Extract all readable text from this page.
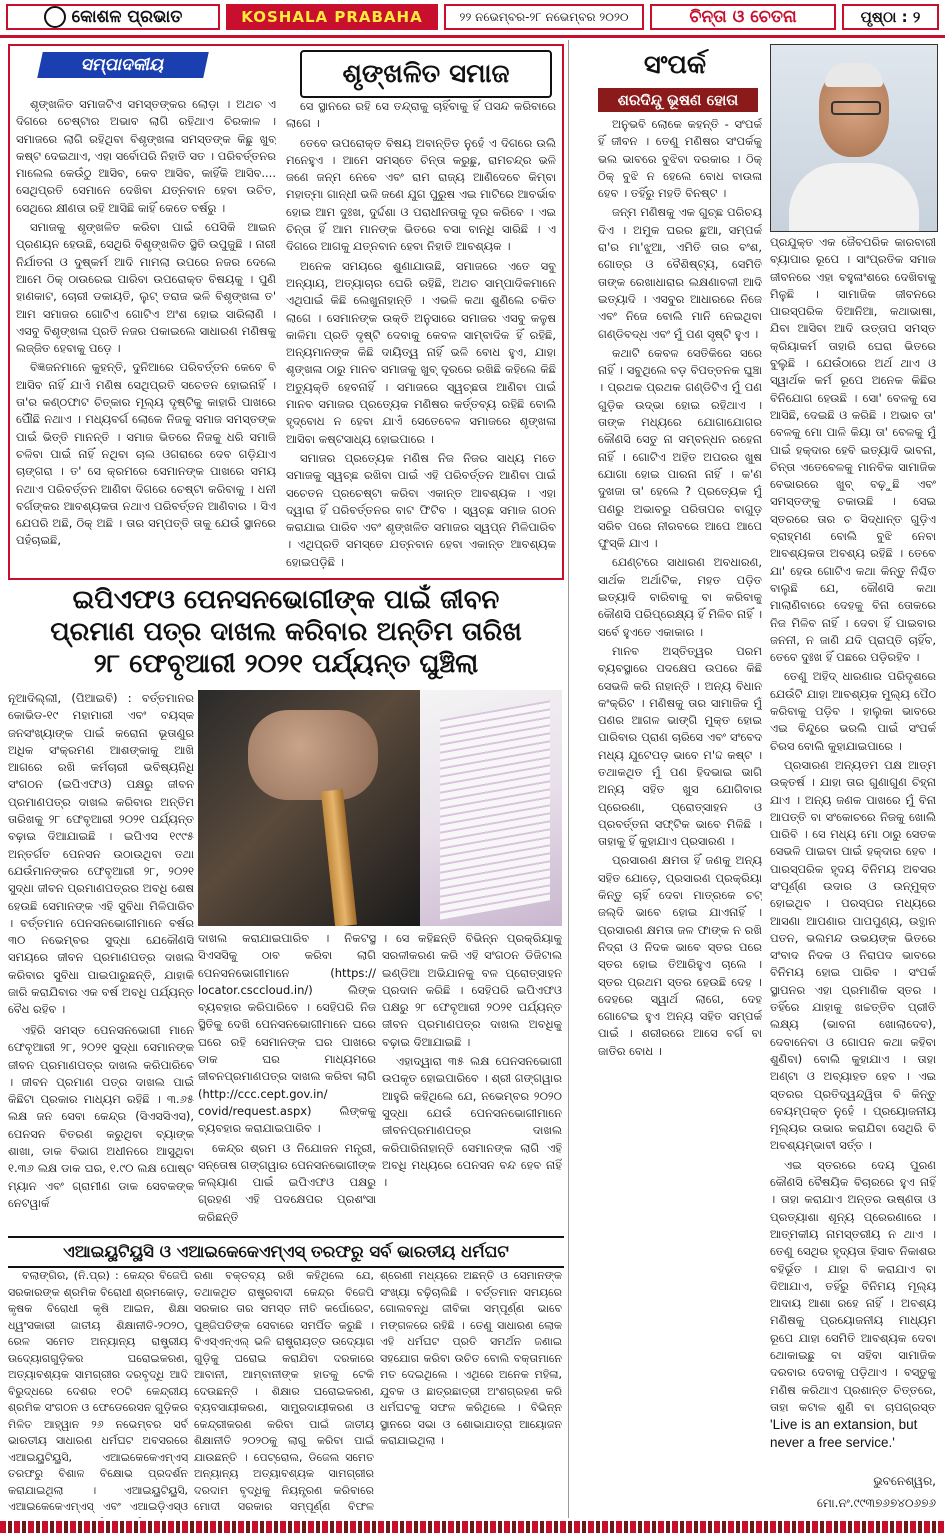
କୋଶଳ ପ୍ରଭାତ	KOSHALA PRABAHA	୨୨ ନଭେମ୍ବର-୨୮ ନଭେମ୍ବର ୨୦୨୦	ଚିନ୍ତା ଓ ଚେତନା	ପୃଷ୍ଠା : ୨
ସମ୍ପାଦକୀୟ	ଶୃଙ୍ଖଳିତ ସମାଜ

ଶୃଙ୍ଖଳିତ ସମାଜଟିଏ ସମସ୍ତଙ୍କର ଲୋଡ଼ା । ଅଥଚ ଏ ଦିଗରେ ଚେଷ୍ଟାର ଅଭାବ ଲାଗି ରହିଥାଏ ଚିରକାଳ । ସମାଜରେ ଲାଗି ରହିଥିବା ବିଶୃଙ୍ଖଳା ସମସ୍ତଙ୍କ କିଛୁ ଖୁବ୍ କଷ୍ଟ ଦେଇଥାଏ, ଏହା ସର୍ବୋପରି ନିହାତି ସତ । ପରିବର୍ତ୍ତନର ମାଲେଲ କେଉଁଠୁ ଆସିବ, କେବ ଆସିବ, କାହିଁକି ଆସିବ.... ସେଥିପ୍ରତି ସେମାନେ ଦେଖିବା ଯତ୍ନବାନ ହେବା ଉଚିତ, ସେଥିରେ କ୍ଷୀଣତା ରହି ଆସିଛି କାହିଁ କେତେ ବର୍ଷରୁ ।

ସମାଜକୁ ଶୃଙ୍ଖଳିତ କରିବା ପାଇଁ ପେସିକି ଆଇନ ପ୍ରଣୟନ ହେଉଛି, ସେଥିରି ବିଶୃଙ୍ଖଳିତ ସ୍ଥିତି ଉପୁଜୁଛି । ନାରୀ ନିର୍ଯାତନା ଓ ଦୁଷ୍କର୍ମ ଆଦି ମାମଲା ଉପରେ ନଜର ଦେଲେ ଆମେ ଠିକ୍ ଠାଉରେଇ ପାରିବା ଉପରୋକ୍ତ ବିଷୟକୁ । ପୁଣି ହାଣକାଟ, ଚୋରୀ ଡକାୟତି, ଲୁଟ୍ ତରାଜ ଭଳି ବିଶୃଙ୍ଖଳା ତ' ଆମ ସମାଜର ଗୋଟିଏ ଗୋଟିଏ ଅଂଶ ହୋଇ ସାରିଲାଣି । ଏସବୁ ବିଶୃଙ୍ଖଳା ପ୍ରତି ନଜର ପକାଇଲେ ସାଧାରଣ ମଣିଷକୁ ଲଜ୍ଜିତ ହେବାକୁ ପଡ଼େ ।

ବିଜ୍ଞଜନମାନେ କୁହନ୍ତି, ଦୁନିଆରେ ପରିବର୍ତ୍ତନ କେବେ ବି ଆସିବ ନାହିଁ ଯାଏଁ ମଣିଷ ସେଥିପ୍ରତି ସଚେତନ ହୋଇନାହିଁ । ତା'ର କଣ୍ଠଫାଟ ଚିତ୍କାର ମୂଲ୍ୟ ଦୃଷ୍ଟିକୁ କାହାରି ପାଖରେ ପୌଁଛି ନଥାଏ । ମଧ୍ୟବର୍ଗ ଲୋକେ ନିଜକୁ ସମାଜ ସମସ୍ତଙ୍କ ପାଇଁ ଭିତ୍ତି ମାନନ୍ତି । ସମାଜ ଭିତରେ ନିଜକୁ ଧରି ସମାଜି ଚଳିବା ପାଇଁ ନାହିଁ ନଥିବା ଚାଲ ଓଗରାରେ ଦେବ ଗଡ଼ିଯାଏ ଚାଙ୍ଗରା । ତ' ସେ କ୍ରମରେ ସେମାନଙ୍କ ପାଖରେ ସମୟ ନଥାଏ ପରିବର୍ତ୍ତନ ଆଣିବା ଦିଗରେ ଚେଷ୍ଟା କରିବାକୁ । ଧନୀ ବର୍ଗଙ୍କର ଆବଶ୍ୟକତା ନଥାଏ ପରିବର୍ତ୍ତନ ଆଣିବାର । ସିଏ ଯେପରି ଅଛି, ଠିକ୍ ଅଛି । ତାର ସମ୍ପତ୍ତି ତାକୁ ଯେଉଁ ସ୍ଥାନରେ ପହଁଚାଇଛି,

ସେ ସ୍ଥାନରେ ରହି ସେ ତନ୍ଦ୍ରାକୁ ଚାହିଁବାକୁ ହିଁ ପସନ୍ଦ କରିବାରେ ଲାଗେ ।

ତେବେ ଉପରୋକ୍ତ ବିଷୟ ଅବାନ୍ତିତ ନୁହେଁ ଏ ଦିଗରେ ଉଲି ମନେହୁଏ । ଆମେ ସମସ୍ତେ ଚିନ୍ତା କରୁଛୁ, ରାମଚନ୍ଦ୍ର ଭଳି ଜଣେ ଜନ୍ମ ନେବେ ଏବଂ ରାମ ରାଜ୍ୟ ଆଣିଦେବେ କିମ୍ବା ମହାତ୍ମା ଗାନ୍ଧୀ ଭଳି ଜଣେ ଯୁଗ ପୁରୁଷ ଏଇ ମାଟିରେ ଆବର୍ଭାବ ହୋଇ ଆମ ଦୁଃଖ, ଦୁର୍ଦ୍ଦଶା ଓ ପରାଧୀନତାକୁ ଦୂର କରିବେ । ଏଇ ଚିନ୍ତା ହିଁ ଆମ ମାନଙ୍କ ଭିତରେ ବସା ବାନ୍ଧି ସାରିଛି । ଏ ଦିଗରେ ଆଗକୁ ଯତ୍ନବାନ ହେବା ନିହାତି ଆବଶ୍ୟକ ।

ଅନେକ ସମୟରେ ଶୁଣାଯାଉଛି, ସମାଜରେ ଏତେ ସବୁ ଅନ୍ୟାୟ, ଅତ୍ୟାଚାର ଘେରି ରହିଛି, ଅଥଚ ସାମ୍ପାଦିକମାନେ ଏଥିପାଇଁ କିଛି ଲେଖୁନାହାନ୍ତି । ଏଭଳି କଥା ଶୁଣିଲେ ଚକିତ ଲାଗେ । ସେମାନଙ୍କ ଉକ୍ତି ଅନୁସାରେ ସମାଜର ଏସବୁ କଳୁଷ କାଳିମା ପ୍ରତି ଦୃଷ୍ଟି ଦେବାକୁ କେବଳ ସାମ୍ବାଦିକ ହିଁ ରହିଛି, ଅନ୍ୟମାନଙ୍କ କିଛି ଦାୟିତ୍ୱ ନାହିଁ ଭଳି ବୋଧ ହୁଏ, ଯାହା ଶୃଙ୍ଖଳା ଠାରୁ ମାନବ ସମାଜକୁ ଖୁବ୍ ଦୂରରେ ରଖିଛି କହିଲେ କିଛି ଅତ୍ୟୁକ୍ତି ହେବନାହିଁ । ସମାଜରେ ସ୍ୱଚ୍ଛତା ଆଣିବା ପାଇଁ ମାନବ ସମାଜର ପ୍ରତ୍ୟେକ ମଣିଷର କର୍ତ୍ତବ୍ୟ ରହିଛି ବୋଲି ହୃଦ୍‌ବୋଧ ନ ହେବା ଯାଏଁ ସେତେବେଳ ସମାଜରେ ଶୃଙ୍ଖଳା ଆସିବା କଷ୍ଟସାଧ୍ୟ ହୋଇପାରେ ।

ସମାଜର ପ୍ରତ୍ୟେକ ମଣିଷ ନିଜ ନିଜର ସାଧ୍ୟ ମତେ ସମାଜକୁ ସ୍ୱଚ୍ଛ ରଖିବା ପାଇଁ ଏହି ପରିବର୍ତ୍ତନ ଆଣିବା ପାଇଁ ସଚେତନ ପ୍ରଚେଷ୍ଟା କରିବା ଏକାନ୍ତ ଆବଶ୍ୟକ । ଏହା ଦ୍ୱାରା ହିଁ ପରିବର୍ତ୍ତନର ବାଟ ଫିଟିବ । ସ୍ୱଚ୍ଛ ସମାଜ ଗଠନ କରାଯାଇ ପାରିବ ଏବଂ ଶୃଙ୍ଖଳିତ ସମାଜର ସ୍ୱପ୍ନ ମିଳିପାରିବ । ଏଥିପ୍ରତି ସମସ୍ତେ ଯତ୍ନବାନ ହେବା ଏକାନ୍ତ ଆବଶ୍ୟକ ହୋଇପଡ଼ିଛି ।

ଇପିଏଫଓ ପେନସନଭୋଗୀଙ୍କ ପାଇଁ ଜୀବନ
ପ୍ରମାଣ ପତ୍ର ଦାଖଲ କରିବାର ଅନ୍ତିମ ତାରିଖ
୨୮ ଫେବୃଆରୀ ୨୦୨୧ ପର୍ଯ୍ୟନ୍ତ ଘୁଞ୍ଚିଲା

ନୂଆଦିଲ୍ଲୀ, (ପିଆଇବି) : ବର୍ତ୍ତମାନର କୋଭିଡ-୧୯ ମହାମାରୀ ଏବଂ ବୟସ୍କ ଜନସଂଖ୍ୟାଙ୍କ ପାଇଁ କରୋନା ଭୂତାଣୁର ଅଧିକ ସଂକ୍ରମଣ ଆଶଙ୍କାକୁ ଆଖି ଆଗରେ ରଖି କର୍ମଚାରୀ ଭବିଷ୍ୟନିଧି ସଂଗଠନ (ଇପିଏଫଓ) ପକ୍ଷରୁ ଜୀବନ ପ୍ରମାଣପତ୍ର ଦାଖଲ କରିବାର ଅନ୍ତିମ ତାରିଖକୁ ୨୮ ଫେବୃଆରୀ ୨୦୨୧ ପର୍ଯ୍ୟନ୍ତ ବଢ଼ାଇ ଦିଆଯାଇଛି । ଇପିଏସ ୧୯୯୫ ଅନ୍ତର୍ଗତ ପେନସନ ଉଠାଉଥିବା ତଥା ଯେଉଁମାନଙ୍କର ଫେବୃଆରୀ ୨୮, ୨୦୨୧ ସୁଦ୍ଧା ଜୀବନ ପ୍ରମାଣପତ୍ରର ଅବଧି ଶେଷ ହେଉଛି ସେମାନଙ୍କ ଏହି ସୁବିଧା ମିଳିପାରିବ । ବର୍ତ୍ତମାନ ପେନସନଭୋଗୀମାନେ ବର୍ଷର ୩୦ ନଭେମ୍ବର ସୁଦ୍ଧା ଯେକୌଣସି ସମୟରେ ଜୀବନ ପ୍ରମାଣପତ୍ର ଦାଖଲ କରିବାର ସୁବିଧା ପାଇପାରୁଛନ୍ତି, ଯାହାକି ଜାରି କରାଯିବାର ଏକ ବର୍ଷ ଅବଧି ପର୍ଯ୍ୟନ୍ତ ବୈଧ ରହିବ ।

ଏହିରି ସମସ୍ତ ପେନସନଭୋଗୀ ମାନେ ଫେବୃଆରୀ ୨୮, ୨୦୨୧ ସୁଦ୍ଧା ସେମାନଙ୍କ ଜୀବନ ପ୍ରମାଣପତ୍ର ଦାଖଲ କରିପାରିବେ । ଜୀବନ ପ୍ରମାଣ ପତ୍ର ଦାଖଲ ପାଇଁ କିଛିଟା ପ୍ରକାର ମାଧ୍ୟମ ରହିଛି । ୩.୬୫ ଲକ୍ଷ ଜନ ସେବା କେନ୍ଦ୍ର (ସିଏସସିଏସ), ପେନସନ ବିତରଣ କରୁଥିବା ବ୍ୟାଙ୍କ ଶାଖା, ଡାକ ବିଭାଗ ଅଧୀନରେ ଆସୁଥିବା ୧.୩୬ ଲକ୍ଷ ଡାକ ଘର, ୧.୯୦ ଲକ୍ଷ ପୋଷ୍ଟ ମ୍ୟାନ ଏବଂ ଗ୍ରାମୀଣ ଡାକ ସେବକଙ୍କ ନେଟୱାର୍କ

ଦାଖଲ କରାଯାଇପାରିବ । ନିକଟସ୍ଥ ସିଏସସିକୁ ଠାବ କରିବା ଲାଗି ପେନସନଭୋଗୀମାନେ (https:// locator.csccloud.in/) ଲିଙ୍କ ବ୍ୟବହାର କରିପାରିବେ । ସେହିପରି ନିଜ ସ୍ଥିତିକୁ ଦେଖି ପେନସନଭୋଗୀମାନେ ଘରେ ଘରେ ରହି ସେମାନଙ୍କ ଘର ପାଖରେ ଡାକ ଘର ମାଧ୍ୟମରେ ଜୀବନପ୍ରମାଣପତ୍ର ଦାଖଲ କରିବା ଲାଗି (http://ccc.cept.gov.in/ covid/request.aspx) ଲିଙ୍କକୁ ବ୍ୟବହାର କରାଯାଇପାରିବ ।

କେନ୍ଦ୍ର ଶ୍ରମ ଓ ନିଯୋଜନ ମନ୍ତ୍ରୀ, ସନ୍ତୋଷ ଗଙ୍ଗୱାର ପେନସନଭୋଗୀଙ୍କ କଲ୍ୟାଣ ପାଇଁ ଇପିଏଫଓ ପକ୍ଷରୁ ଗ୍ରହଣ ଏହି ପଦକ୍ଷେପର ପ୍ରଶଂସା କରିଛନ୍ତି

। ସେ କହିଛନ୍ତି ବିଭିନ୍ନ ପ୍ରକ୍ରିୟାକୁ ସରଳୀକରଣ କରି ଏହି ସଂଗଠନ ଡିଜିଟାଲ ଇଣ୍ଡିଆ ଅଭିଯାନକୁ ବଳ ପ୍ରୋତ୍ସାହନ ପ୍ରଦାନ କରିଛି । ସେହିପରି ଇପିଏଫଓ ପକ୍ଷରୁ ୨୮ ଫେବୃଆରୀ ୨୦୨୧ ପର୍ଯ୍ୟନ୍ତ ଜୀବନ ପ୍ରମାଣପତ୍ର ଦାଖଲ ଅବଧିକୁ ବଢ଼ାଇ ଦିଆଯାଇଛି ।

ଏହାଦ୍ୱାରା ୩୫ ଲକ୍ଷ ପେନସନଭୋଗୀ ଉପକୃତ ହୋଇପାରିବେ । ଶ୍ରୀ ଗଙ୍ଗୱାର ଆହୁରି କହିଥିଲେ ଯେ, ନଭେମ୍ବର ୨୦୨୦ ସୁଦ୍ଧା ଯେଉଁ ପେନସନଭୋଗୀମାନେ ଜୀବନପ୍ରମାଣପତ୍ର ଦାଖଲ କରିପାରିନାହାନ୍ତି ସେମାନଙ୍କ ଲାଗି ଏହି ଅବଧି ମଧ୍ୟରେ ପେନସନ ବନ୍ଦ ହେବ ନାହିଁ ।

ଏଆଇୟୁଟିୟୁସି ଓ ଏଆଇକେକେଏମ୍ଏସ୍ ତରଫରୁ ସର୍ବ ଭାରତୀୟ ଧର୍ମଘଟ

ବଲାଙ୍ଗିର, (ନି.ପ୍ର) : କେନ୍ଦ୍ର ବିଜେପି ସରକାରଙ୍କ ଶ୍ରମିକ ବିରୋଧୀ ଶ୍ରମକୋଡ଼, କୃଷକ ବିରୋଧୀ କୃଷି ଆଇନ, ଶିକ୍ଷା ଧ୍ୱଂସକାରୀ ଜାତୀୟ ଶିକ୍ଷାନୀତି-୨୦୨୦, ରେଳ ସମେତ ଅନ୍ୟାନ୍ୟ ରାଷ୍ଟ୍ରୀୟ ଉଦ୍ୟୋଗଗୁଡ଼ିକର ଘରୋଇକରଣ, ଅତ୍ୟାବଶ୍ୟକ ସାମଗ୍ରୀର ଦରବୃଦ୍ଧି ଆଦି ବିରୁଦ୍ଧରେ ଦେଶର ୧୦ଟି କେନ୍ଦ୍ରୀୟ ଶ୍ରମିକ ସଂଗଠନ ଓ ଫେଡେରେସନ ଗୁଡ଼ିକର ମିଳିତ ଆହ୍ୱାନ ୨୬ ନଭେମ୍ବର ସର୍ବ ଭାରତୀୟ ସାଧାରଣ ଧର୍ମଘଟ ଅବସରରେ ଏଆଇୟୁଟିୟୁସି, ଏଆଇକେକେଏମ୍ଏସ୍ ତରଫରୁ ବିଶାଳ ବିକ୍ଷୋଭ ପ୍ରଦର୍ଶନ କରାଯାଇଥିଲା । ଏଆଇୟୁଟିୟୁସି, ଏଆଇକେକେଏମ୍ଏସ୍ ଏବଂ ଏଆଇଡ଼ିଏସ୍‌ଓ

ରଣା ବକ୍ତବ୍ୟ ରଖି କହିଥିଲେ ଯେ, ତଥାକଥିତ ରାଷ୍ଟ୍ରବାଦୀ କେନ୍ଦ୍ର ବିଜେପି ସରକାର ତାର ସମସ୍ତ ନୀତି କର୍ପୋରେଟ, ପୁଞ୍ଜିପତିଙ୍କ ସେବାରେ ସମର୍ପିତ କରୁଛି । ବିଏସ୍‌ଏନ୍‌ଏଲ୍ ଭଳି ରାଷ୍ଟ୍ରାୟତ୍ତ ଉଦ୍ୟୋଗ ଗୁଡ଼ିକୁ ଘରୋଇ କରାଯିବା ଦରକାରେ ଆବାନୀ, ଆମ୍ବାନୀଙ୍କ ହାତକୁ ଟେକି ଦେଉଛନ୍ତି । ଶିକ୍ଷାର ଘରୋଇକରଣ, ବ୍ୟବସାୟୀକରଣ, ସାମ୍ପ୍ରଦାୟୀକରଣ ଓ କେନ୍ଦ୍ରୀକରଣ କରିବା ପାଇଁ ଜାତୀୟ ଶିକ୍ଷାନୀତି ୨୦୨୦କୁ ଲାଗୁ କରିବା ପାଇଁ ଯାଉଛନ୍ତି । ପେଟ୍ରୋଲ, ଡିଜେଲ ସମେତ ଅନ୍ୟାନ୍ୟ ଅତ୍ୟାବଶ୍ୟକ ସାମଗ୍ରୀର ଦରଦାମ ବୃଦ୍ଧିକୁ ନିୟନ୍ତ୍ରଣ କରିବାରେ ମୋଦୀ ସରକାର ସମ୍ପୂର୍ଣ୍ଣ ବିଫଳ

ଶ୍ରେଣୀ ମଧ୍ୟରେ ଅଛନ୍ତି ଓ ସେମାନଙ୍କ ସଂଖ୍ୟା ବଢ଼ିଚାଲିଛି । ବର୍ତ୍ତମାନ ସମୟରେ ଗୋଲବନ୍ଧି ଜୀବିକା ସମ୍ପୂର୍ଣ୍ଣ ଭାବେ ମଙ୍ଗଳରେ ରହିଛି । ତେଣୁ ସାଧାରଣ ଲୋକ ଏହି ଧର୍ମଘଟ ପ୍ରତି ସମର୍ଥନ ଜଣାଇ ସହଯୋଗ କରିବା ଉଚିତ ବୋଲି ବକ୍ତାମାନେ ମତ ଦେଇଥିଲେ । ଏଥିରେ ଅନେକ ମହିଳା, ଯୁବକ ଓ ଛାତ୍ରଛାତ୍ରୀ ଅଂଶଗ୍ରହଣ କରି ଧର୍ମଘଟକୁ ସଫଳ କରିଥିଲେ । ବିଭିନ୍ନ ସ୍ଥାନରେ ସଭା ଓ ଶୋଭାଯାତ୍ରା ଆୟୋଜନ କରାଯାଇଥିଲା ।

ସଂପର୍କ
ଶରଦିନ୍ଦୁ ଭୂଷଣ ହୋତା

ଅନୁଭବି ଲୋକେ କହନ୍ତି - ସଂପର୍କ ହିଁ ଜୀବନ । ତେଣୁ ମଣିଷର ସଂପର୍କକୁ ଭଲ ଭାବରେ ବୁଝିବା ଦରକାର । ଠିକ୍ ଠିକ୍ ବୁଝି ନ ହେଲେ ବୋଧ ବାଉଳା ହେବ । ତହିଁରୁ ମହତି ବିନଷ୍ଟ ।

ଜନ୍ମ ମଣିଷକୁ ଏକ ଗୁଚ୍ଛ ପରିଚୟ ଦିଏ । ଅମୁକ ଘରର ଛୁଆ, ସମ୍ପର୍କ ରା'ର ମା'ଝୁଆ, ଏମିତି ତାର ବଂଶ, ଗୋତ୍ର ଓ ବୈଶିଷ୍ଟ୍ୟ, ସେମିତି ତାଙ୍କ ରେଖାଧାରାର ଲକ୍ଷଣାବଳୀ ଆଦି ଇତ୍ୟାଦି । ଏସବୁର ଆଧାରରେ ନିଜେ ଏବଂ ନିଜେ ବୋଲି ମାନି ନେଇଥିବା ଗଣ୍ଡିବଦ୍ଧ ଏବଂ ମୁଁ ପଣ ସୃଷ୍ଟି ହୁଏ ।

କଥାଟି କେବଳ ସେତିକିରେ ସରେ ନାହିଁ । ସବୁଥିଲେ ବଡ଼ ବିପତ୍ତନକ ଘୁଞ୍ଚା । ପ୍ରଥକ ପ୍ରଥକ ଗଣ୍ଡିଟିଏ ମୁଁ ପଣ ଗୁଡ଼ିକ ଉଦ୍ଭା ହୋଇ ରହିଥାଏ । ତାଙ୍କ ମଧ୍ୟରେ ଯୋଗାଯୋଗର କୌଣସି ସେତୁ ନା ସମ୍ବନ୍ଧନ ରହେନା ନାହିଁ । ଗୋଟିଏ ଅହିତ ଅପରର ଖୁଷ ଯୋଗା ହୋଇ ପାରନା ନାହିଁ । କ'ଣ ଦୁଖଜା ତା' ହେଲେ ? ପ୍ରତ୍ୟେକ ମୁଁ ପଣରୁ ଅଭାବରୁ ପରିତାପର ବାଗୁଡ଼ ସରିବ ପରେ ନୀରବରେ ଆପେ ଆପେ ଫୁସ୍କି ଯାଏ ।

ଯେଣ୍ଟରେ ସାଧାରଣ ଅବଧାରଣ, ସାର୍ଥକ ଅର୍ଥାଟିକ, ମହତ ପଡ଼ିତ ଇତ୍ୟାଦି ବାରିବାକୁ ବା କରିବାକୁ କୌଣସି ପରିପ୍ରେକ୍ଷ୍ୟ ହିଁ ମିଳିବ ନାହିଁ । ସର୍ବେ ହୁଏତେ ଏକାକାର ।

ମାନବ ଅସ୍ତିତ୍ୱର ପରମ ବ୍ୟବସ୍ଥାରେ ପଦକ୍ଷେପ ଉପରେ କିଛି ସେଭଳି କରି ନାହାନ୍ତି । ଅନ୍ୟ ବିଧାନ କଂକ୍ରିଟ । ମଣିଷକୁ ତାର ସାମାଜିକ ମୁଁ ପଣର ଆଗଳ ଭାଙ୍ଗି ମୁକ୍ତ ହୋଇ ପାରିବାର ପ୍ରାଣ ଚାରିସେ ଏବଂ ସଂବେଦ ମଧ୍ୟ ଯୁଟେପଡ଼ ଭାବେ ମ'ଦ୍ଦ କଷ୍ଟ । ତଥାକଥିତ ମୁଁ ପଣ ହିଦଭାଇ ଭାଗି ଅନ୍ୟ ସହିତ ଖୁସ ଯୋଗିବାର ପ୍ରେରଣା, ପ୍ରୋତ୍ସାହନ ଓ ପ୍ରବର୍ତ୍ତନା ସଫ୍ଟିକ ଭାବେ ମିଳିଛି । ତାହାକୁ ହିଁ କୁହାଯାଏ ପ୍ରସାରଣ ।

ପ୍ରସାରଣ କ୍ଷମତା ହିଁ ଜଣକୁ ଅନ୍ୟ ସହିତ ଯୋଡ଼େ, ପ୍ରସାରଣ ପ୍ରକ୍ରିୟା କିନ୍ତୁ ଚାହିଁ ଦେବା ମାତ୍ରକେ ଚଟ୍ ଜଲ୍ଦି ଭାବେ ହୋଇ ଯାଏନାହିଁ । ପ୍ରସାରଣ କ୍ଷମତା ଜଳ ଫାଙ୍କ ନ ରଖି ନିଦ୍ରା ଓ ନିଦକ ଭାବେ ସ୍ତର ପରେ ସ୍ତର ହୋଇ ତିଆରିହୁଏ ଚାଲେ । ସ୍ତର ପ୍ରଥମ ସ୍ତର ହେଉଛି ଦେହ । ଦେହରେ ସ୍ୱାର୍ଥ ଲାଗେ, ଦେହ ଗୋଟେଇ ହୁଏ ଅନ୍ୟ ସହିତ ସମ୍ପର୍କ ପାଇଁ । ଶରୀରରେ ଆସେ ବର୍ଗ ବା ଜାତିର ବୋଧ ।

ପ୍ରଯୁକ୍ତ ଏକ ଜୈବପରିକ କାରବାରୀ ବ୍ୟାପାର ରୂପେ । ସାଂପ୍ରତିକ ସମାଜ ଜୀବନରେ ଏହା ବହୁଳାଂଶରେ ଦେଖିବାକୁ ମିଳୁଛି । ସାମାଜିକ ଜୀବନରେ ପାରସ୍ପରିକ ଦିଆନିଆ, କଥାଭାଷା, ଯିବା ଆସିବା ଆଦି ଉତ୍ତାପ ସମସ୍ତ କ୍ରିୟାକର୍ମ ତାହାରି ଘେରା ଭିତରେ ବୁଲୁଛି । ଯେଉଁଠାରେ ଅର୍ଥ ଥାଏ ଓ ସ୍ୱାର୍ଥକ କର୍ମ ରୂପେ ଅନେକ କିଛିର ବିନିଯୋଗ ହେଉଛି । ସୋ' ବେଳକୁ ସେ ଆସିଛି, ଦେଇଛି ଓ କରିଛି । ଅଭାବ ତା' ବେଳକୁ ମୋ ପାଳି କିୟା ତା' ବେଳକୁ ମୁଁ ପାଇଁ ହକ୍‌ଦାର ହେବି ଇତ୍ୟାଦି ଭାବନା, ଚିନ୍ତା ଏତେବେଳକୁ ମାନବିକ ସାମାଜିକ ବେଭାରରେ ଖୁବ୍ ବଢ଼ୁଛି ଏବଂ ସମସ୍ତଙ୍କୁ ଚକାଉଛି । ସେଇ ସ୍ତରରେ ତାର ଚ ସିଦ୍ଧାନ୍ତ ଗୁଡ଼ିଏ ବ୍ରାହ୍ମଣ ବୋଲି ବୁଝି ନେବା ଆବଶ୍ୟକତା ଅବଶ୍ୟ ରହିଛି । ତେବେ ଯା' ହେଉ ଗୋଟିଏ କଥା କିନ୍ତୁ ନିଶ୍ଚିତ ବାଲୁଛି ଯେ, କୌଣସି କଥା ମାଲାଣିବାରେ ଦେହକୁ ବିନା ତୋକରେ ନିଜ ମିଳିବ ନାହିଁ । ଦେବା ହିଁ ପାଇବାର ଜନନୀ, ନ ଜାଣି ଯଦି ପ୍ରାପ୍ତି ଚାହିଁବ, ତେବେ ଦୁଃଖ ହିଁ ପଛରେ ପଡ଼ିରହିବ ।

ତେଣୁ ଅହିଦ୍ ଧାରଣାର ପରିଦୃଶରେ ଯେଉଁଟି ଯାହା ଆବଶ୍ୟକ ମୁଲ୍ୟ ପୈଠ କରିବାକୁ ପଡ଼ିବ । ହାଲୁକା ଭାବରେ ଏଇ ବିନ୍ଦୁରେ ଭରଲି ପାଇଁ ସଂପର୍କ ଚିରସ ବୋଲି କୁହାଯାଇପାରେ ।

ପ୍ରସାରଣ ଅନ୍ୟତମ ପକ୍ଷ ଆତ୍ମ ଉକ୍ତର୍ଷ । ଯାହା ତାର ଗୁଣାଗୁଣ ଚିହ୍ନା ଯାଏ । ଅନ୍ୟ ଜଣକ ପାଖରେ ମୁଁ ବିନା ଆପତ୍ତି ବା ସଂକୋଚରେ ନିଜକୁ ଖୋଲି ପାରିବି । ସେ ମଧ୍ୟ ମୋ ଠାରୁ ସେତକ ସେଭଳି ପାଇବା ପାଇଁ ହକ୍‌ଦାର ହେବ । ପାରସ୍ପରିକ ହୃଦୟ ବିନିମୟ ଅବସର ସଂପୂର୍ଣ୍ଣ ଉଦାର ଓ ଉନ୍ମୁକ୍ତ ହୋଇଥିବ । ପରସ୍ପର ମଧ୍ୟରେ ଆସଣା ଆପଣାର ପାପପୁଣ୍ୟ, ଉତ୍ଥାନ ପତନ, ଭଲମନ୍ଦ ଉଭୟଙ୍କ ଭିତରେ ସଂବାଦ ନିଦକ ଓ ନିରାପଦ ଭାବରେ ବିନିମୟ ହୋଇ ପାରିବ । ସଂପର୍କ ସ୍ଥାପନର ଏହା ପ୍ରମାଣିକ ସ୍ତର । ତହିଁରେ ଯାହାକୁ ଖଚ୍ଚତ୍ତିବ ପ୍ରୀତି ଲକ୍ଷ୍ୟ (ଭାବନା ଖୋଲାଦେବ), ଦେବାନେବା ଓ ଗୋପନ କଥା କହିବା ଶୁଣିବା) ବୋଲି କୁହାଯାଏ । ତାହା ଅଣ୍ଟା ଓ ଅବ୍ୟାହତ ହେବ । ଏଇ ସ୍ତରର ପ୍ରତିଦ୍ୱନ୍ଦ୍ୱିତା ବି କିନ୍ତୁ ବେୟମ୍ପକ୍ତ ନୁହେଁ । ପ୍ରୟୋଜନୀୟ ମୂଲ୍ୟର ଉଭାର କରାଯିବା ସେଥିରି ବି ଅବଶ୍ୟମ୍ଭାବୀ ସର୍ତ୍ତ ।

ଏଇ ସ୍ତରରେ ଦେୟ ପୁରଣ କୌଣସି ବୈଷୟିକ ବିଚାରରେ ହୁଏ ନାହିଁ । ତାହା କରାଯାଏ ଅନ୍ତର ଉଷ୍ଣତା ଓ ପ୍ରତ୍ୟାଶା ଶୂନ୍ୟ ପ୍ରେରଣାରେ । ଆତ୍ମକୀୟ ନାମସ୍ତରୀୟ ନ ଥାଏ । ତେଣୁ ସେଥିର ହୃଦ୍ୟତା ହିସାବ ନିକାଶର ବହିର୍ଭୂତ । ଯାହା ବି କରାଯାଏ ବା ଦିଆଯାଏ, ତହିଁରୁ ବିନିମୟ ମୂଲ୍ୟ ଆଦାୟ ଆଶା ରହେ ନାହିଁ । ଅବଶ୍ୟ ମଣିଷକୁ ପ୍ରୟୋଜନୀୟ ମାଧ୍ୟମ ରୂପେ ଯାହା ସେମିତି ଆବଶ୍ୟକ ଦେବା ଥୋକାଇଛୁ ବା ସହିବା ସାମାଜିକ ଦରବାର ଦେବାକୁ ପଡ଼ିଥାଏ । ବସ୍ତୁକୁ ମଣିଷ କରିଥାଏ ପ୍ରଶାନ୍ତ ଚିତ୍ତରେ, ତାହା କଟାଳ ଶୁଣି ବା ଚାପଗ୍ରସ୍ତ

'Live is an extansion, but never a free service.'
ଭୁବନେଶ୍ୱର,
ମୋ.ନଂ.୯୯୩୭୬୭୪୦୬୭୬
